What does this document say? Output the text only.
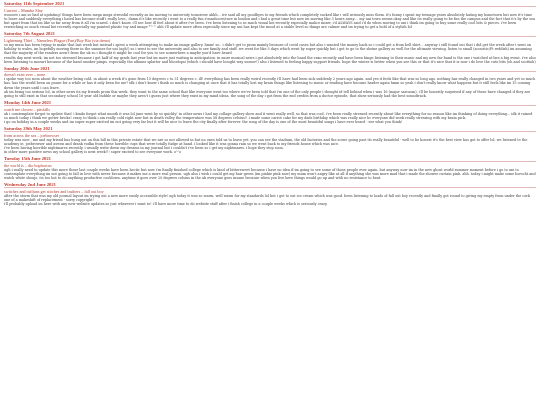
Saturday 11th September 2021
Current – Mumbo Slay

woooow i am so bad at updating! things have been mega mega stressful recently as im moving to university tomorrow ahhh... ive said all my goodbyes to my friends which completely sucked like i will seriously miss them. it's funny i spent my teenage years absolutely hating my hometown but now it's time to leave and suddenly everything i hated has become stuff i really love,, damn it's like recently i went to a really fun s'mashcore/rave in london and i had a great time but now im moving like 3 hours away.... my uni town seems okay and like its really going to be fun the campus and the fact that it's by the sea but apart from that im like so far away from it all i'm scared. i don't know. i'll see how ill feel about it after i've been. i've been listening to so much visual kei recently especially malice mizer, i'd ALWAYS said i'd do when moving to uni i think im going to buy some really cool bits & pieces. i've been rewatching so much visual kei recently especially my painted plastic toy and image *^^ ahh i'll update more often especially since my uni has kept the mood at a stable level so things are calmer and im trying to get a hold of a stylish lol

Saturday 7th August 2021
Lightening Thief – Nameless Plague (Fun)/Boy Bio (via demo)

so my mum has been trying to make that last week but instead i spent a week attempting to make an image gallery. hmm! so.. i didn't get to prom mainly because of covid cases but also i wanted the money back so i could get a from hell shirt... anyway i still found out that i did get the week after i went on holiday to wales, im hopefully moving there in the summer for uni (ugh!) so i went to see the university and also to see family and stuff. we went for like 5 days which went by super quickly but i got to go to the shrine gallery as well for the ultimate viewing. listen to small (acoustic/Ft reddish) im assuming that the majority of the readers aren't from the uk so i thought it might be cool for you to see somewhere a maybe you'd have heard

results day next week. im not too stressed because i got half of my grads last year but im more just waiting in anticipation. in more musical news i got absolutely into the band the vaxo recently and have been binge listening to their music and my new fav band is the one i watched at bee a big event. i've also been listening to mozart because of the band smoker pimps. especially the albums splatter and bloodopsi (which i should have bought way sooner!) also i listened to feeling happy support friends. hope the winter is better when you see this or that it's nice that it is now i do love the cute bits (oh and scottish)

Sunday 20th June 2021
doesn't exist ever – none

i spoke way too soon about the weather being cold. in about a week it's gone from 15 degrees c to 31 degrees c. ill! everything has been really weird recently i'll have had been sick suddenly 2 years ago again. and yes it feels like that was so long ago. nothing has really changed in two years and yet so much has. has the world been on pause for a while or has it only been for me? idk i don't know i think so much is changing at once that it has totally lost my brain things like listening to music or reading have become harder again hmm so yeah i don't really know what happens but it still feels like im 15 coming down the years until i can leave.

ah im being too serious lol, in other news its my friends prom this week. they want to the same school that like everyone went too where we've been told that i'm one of the only people i thought id tell behind when i was 16 (major sarcasm). i'll be honestly surprised if any of these have changed if they are going to still exist in that secondary school 16 year old bubble or maybe they aren't i guess just where they exist in my mind ideas. the song of the day i got from the end credits from a doctor episode, that show seriously had the best soundtrack.

Monday 14th June 2021
watch me closest – pitsfalls

ah i comtemplate forgot to update that! i kinda forgot what month it was lol june went by so quickly! in other news i had my collage gallery show and it went really well, so that was cool. i've been really stressed recently about like everything for no reason like im thinking of doing everything... idk it rained so much today i think we gotter bricks! crazy to think i am really cold right now but in death valley the temperature was 58 degrees celsius!! i made some carrot cake for my dads birthday which was really nice bc everyone did work really stressing with my brain pick.

i go on holiday in a couple weeks and im super super excited im not going very far but it will be nice to leave the city finally after forever. the song of the day is one of the most beautiful songs i have ever heard - see what you think!

Saturday 29th May 2021
from across the sea – joebrowser

today was nice , me and my friend bus hung out on this hill in this private estate that we are so not allowed in but no ones told us to leave yet. you can see the stadium, the old factories and the scene going past its really beautiful - well to be honest it's the best view has got to offer lol. we listened to the academy ie, joebrowser and aswen and drank vodka from these horrible cups that were totally fudge at hand. i looked like it was gonna rain so we went back to my friends house which was nice.

i've been having horrible nightmares recently, i usually write down my dreams in my journal but i couldn't i've been so i get my nightmares. i hope they stop soon.

in other more positive news my school gallery is next week!!! super excited to see everyone work. o'-'o

Tuesday 15th June 2021
the world is – dio hophorcus

ugh i really need to update this more these last couple weeks have been hectic but now i'm finally finished college which is kind of bittersweet because i have no idea if im going to see some of those people ever again. but anyway now im in the new ghost world summer moment before i go to uni to contemplate everything im not going to fall in love with never because it makes me a more real person. ugh also i wish i could get my hair green (im pinkie pink now) my mum won't angry like at all if anything she was more mad that i made the shower curtain pink. ahh. today i might make some borscht and watch white shoujo. its too hot to do anything productive cooldown. anytime it goes over 20 degrees celsius in the uk everyone goes insane because when you live here things would go up and with no resistance to heat.

Wednesday 2nd June 2021
switches and ruffians get stitches and truthers – fall out boy

after the storm that was my old journal layout im trying out a new more easily accessible style! ugh today it was so warm, well warm for my standards lol but i got to eat ice cream which was good. been listening to loads of fall out boy recently and finally got round to giving my empty from under the cork one of a makeshift of replacement - sorry copyright!

i'll probably upload on here with any new website updates so just wherever i want to! i'll have more time to do website stuff after i finish college in a couple weeks which is seriously crazy.
